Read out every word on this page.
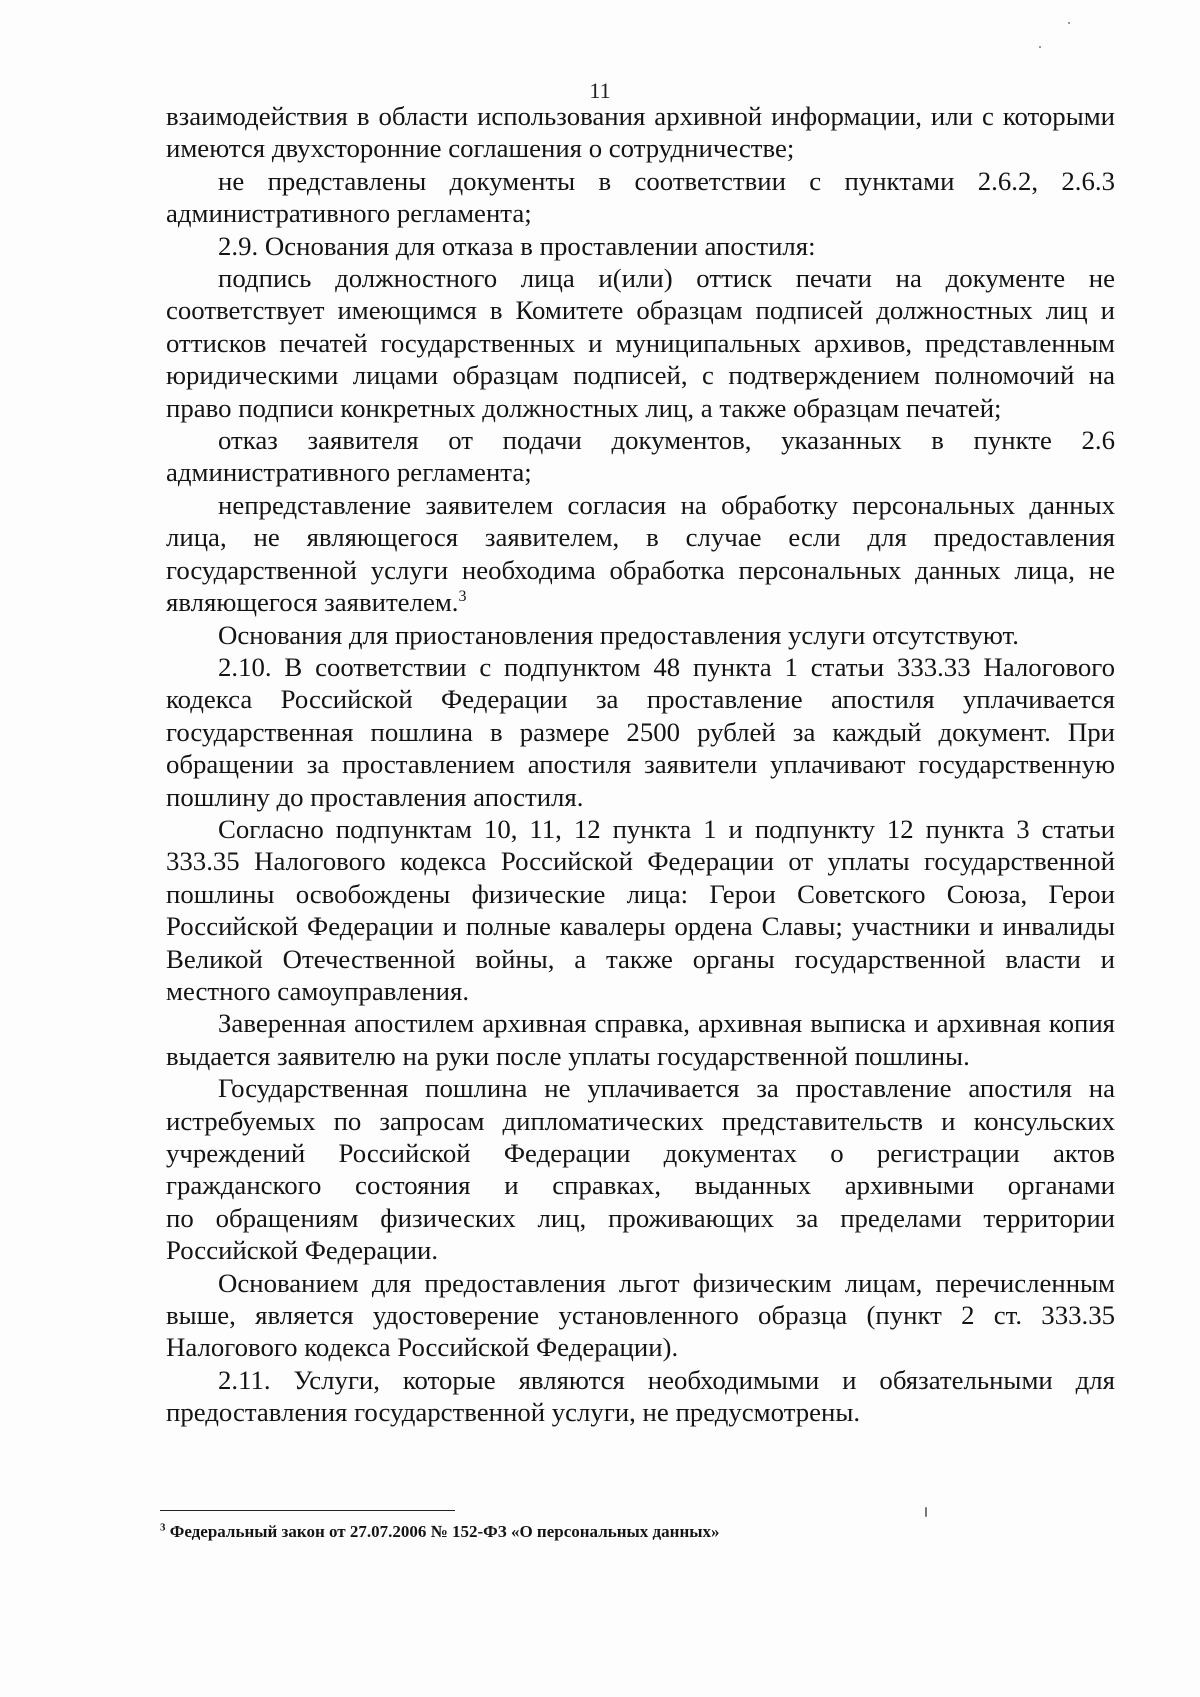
11

взаимодействия в области использования архивной информации, или с которыми имеются двухсторонние соглашения о сотрудничестве;

не представлены документы в соответствии с пунктами 2.6.2, 2.6.3 административного регламента;

2.9. Основания для отказа в проставлении апостиля:

подпись должностного лица и(или) оттиск печати на документе не соответствует имеющимся в Комитете образцам подписей должностных лиц и оттисков печатей государственных и муниципальных архивов, представленным юридическими лицами образцам подписей, с подтверждением полномочий на право подписи конкретных должностных лиц, а также образцам печатей;

отказ заявителя от подачи документов, указанных в пункте 2.6 административного регламента;

непредставление заявителем согласия на обработку персональных данных лица, не являющегося заявителем, в случае если для предоставления государственной услуги необходима обработка персональных данных лица, не являющегося заявителем.$^3$

Основания для приостановления предоставления услуги отсутствуют.

2.10. В соответствии с подпунктом 48 пункта 1 статьи 333.33 Налогового кодекса Российской Федерации за проставление апостиля уплачивается государственная пошлина в размере 2500 рублей за каждый документ. При обращении за проставлением апостиля заявители уплачивают государственную пошлину до проставления апостиля.

Согласно подпунктам 10, 11, 12 пункта 1 и подпункту 12 пункта 3 статьи 333.35 Налогового кодекса Российской Федерации от уплаты государственной пошлины освобождены физические лица: Герои Советского Союза, Герои Российской Федерации и полные кавалеры ордена Славы; участники и инвалиды Великой Отечественной войны, а также органы государственной власти и местного самоуправления.

Заверенная апостилем архивная справка, архивная выписка и архивная копия выдается заявителю на руки после уплаты государственной пошлины.

Государственная пошлина не уплачивается за проставление апостиля на истребуемых по запросам дипломатических представительств и консульских учреждений Российской Федерации документах о регистрации актов гражданского состояния и справках, выданных архивными органами

по обращениям физических лиц, проживающих за пределами территории Российской Федерации.

Основанием для предоставления льгот физическим лицам, перечисленным выше, является удостоверение установленного образца (пункт 2 ст. 333.35 Налогового кодекса Российской Федерации).

2.11. Услуги, которые являются необходимыми и обязательными для предоставления государственной услуги, не предусмотрены.

$^3$ Федеральный закон от 27.07.2006 № 152-ФЗ «О персональных данных»
